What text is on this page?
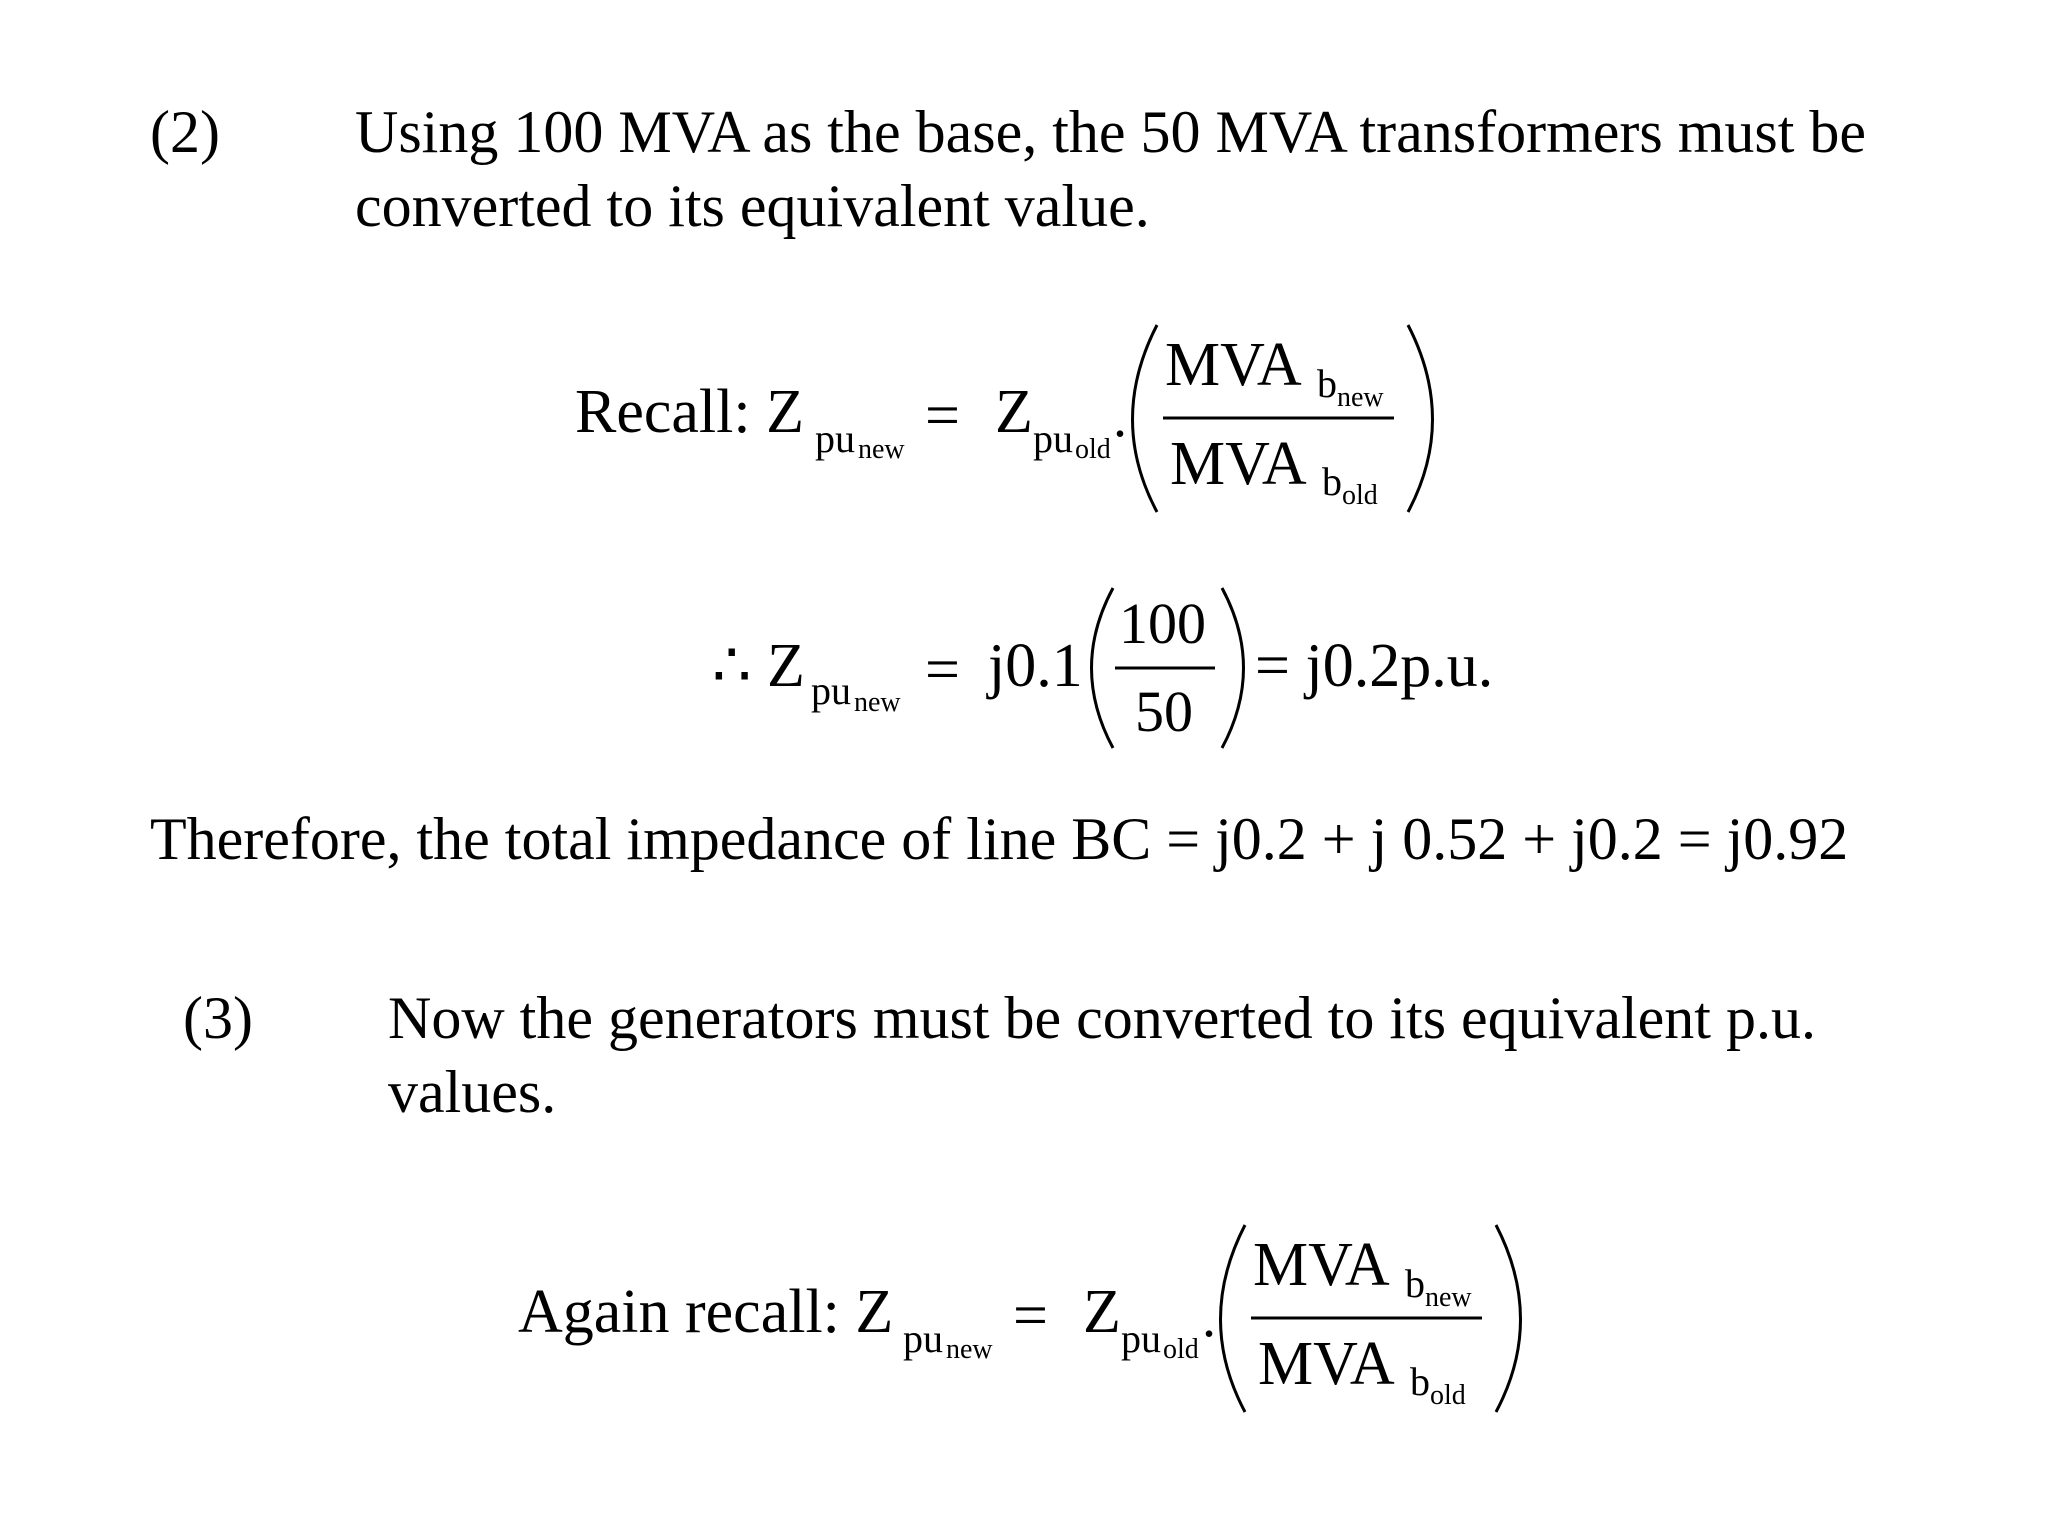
(2) Using 100 MVA as the base, the 50 MVA transformers must be converted to its equivalent value.
Recall: Z pu new = Z pu old
.
MVA b new
MVA b old
∴ Z pu new = j0.1
100
50
= j0.2p.u.
Again recall: Z pu new = Z pu old
.
MVA b new
MVA b old
Therefore, the total impedance of line BC = j0.2 + j 0.52 + j0.2 = j0.92
(3) Now the generators must be converted to its equivalent p.u. values.
